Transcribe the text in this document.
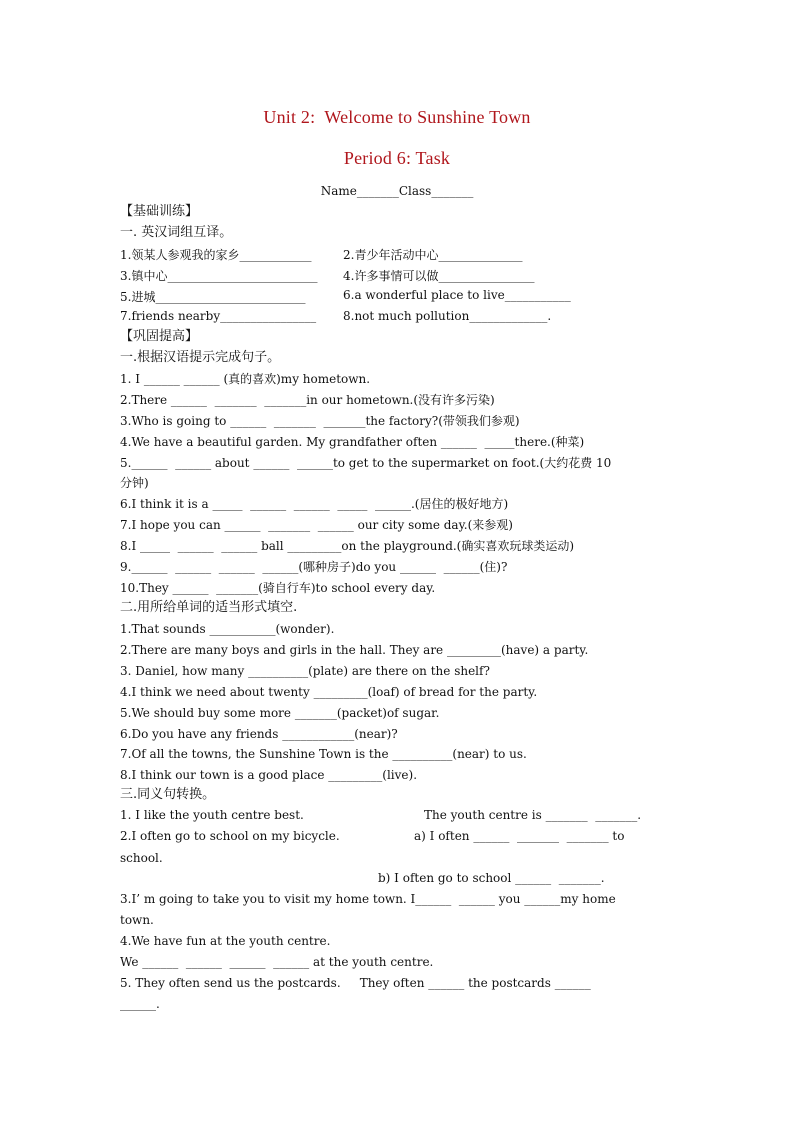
Unit 2:  Welcome to Sunshine Town
Period 6: Task
Name_______Class_______
【基础训练】
一. 英汉词组互译。
1.领某人参观我的家乡____________	2.青少年活动中心______________
3.镇中心_________________________ 4.许多事情可以做________________
5.进城_________________________	6.a wonderful place to live___________
7.friends nearby________________ 8.not much pollution_____________.
【巩固提高】
一.根据汉语提示完成句子。
1. I ______ ______ (真的喜欢)my hometown.
2.There ______  _______  _______in our hometown.(没有许多污染)
3.Who is going to ______  _______  _______the factory?(带领我们参观)
4.We have a beautiful garden. My grandfather often ______  _____there.(种菜)
5.______  ______ about ______  ______to get to the supermarket on foot.(大约花费 10
分钟)
6.I think it is a _____  ______  ______  _____  ______.(居住的极好地方)
7.I hope you can ______  _______  ______ our city some day.(来参观)
8.I _____  ______  ______ ball _________on the playground.(确实喜欢玩球类运动)
9.______  ______  ______  ______(哪种房子)do you ______  ______(住)?
10.They ______  _______(骑自行车)to school every day.
二.用所给单词的适当形式填空.
1.That sounds ___________(wonder).
2.There are many boys and girls in the hall. They are _________(have) a party.
3. Daniel, how many __________(plate) are there on the shelf?
4.I think we need about twenty _________(loaf) of bread for the party.
5.We should buy some more _______(packet)of sugar.
6.Do you have any friends ____________(near)?
7.Of all the towns, the Sunshine Town is the __________(near) to us.
8.I think our town is a good place _________(live).
三.同义句转换。
1. I like the youth centre best.	The youth centre is _______  _______.
2.I often go to school on my bicycle.	a) I often ______  _______  _______ to
school.
b) I often go to school ______  _______.
3.I’ m going to take you to visit my home town. I______  ______ you ______my home
town.
4.We have fun at the youth centre.
We ______  ______  ______  ______ at the youth centre.
5. They often send us the postcards.     They often ______ the postcards ______
______.
